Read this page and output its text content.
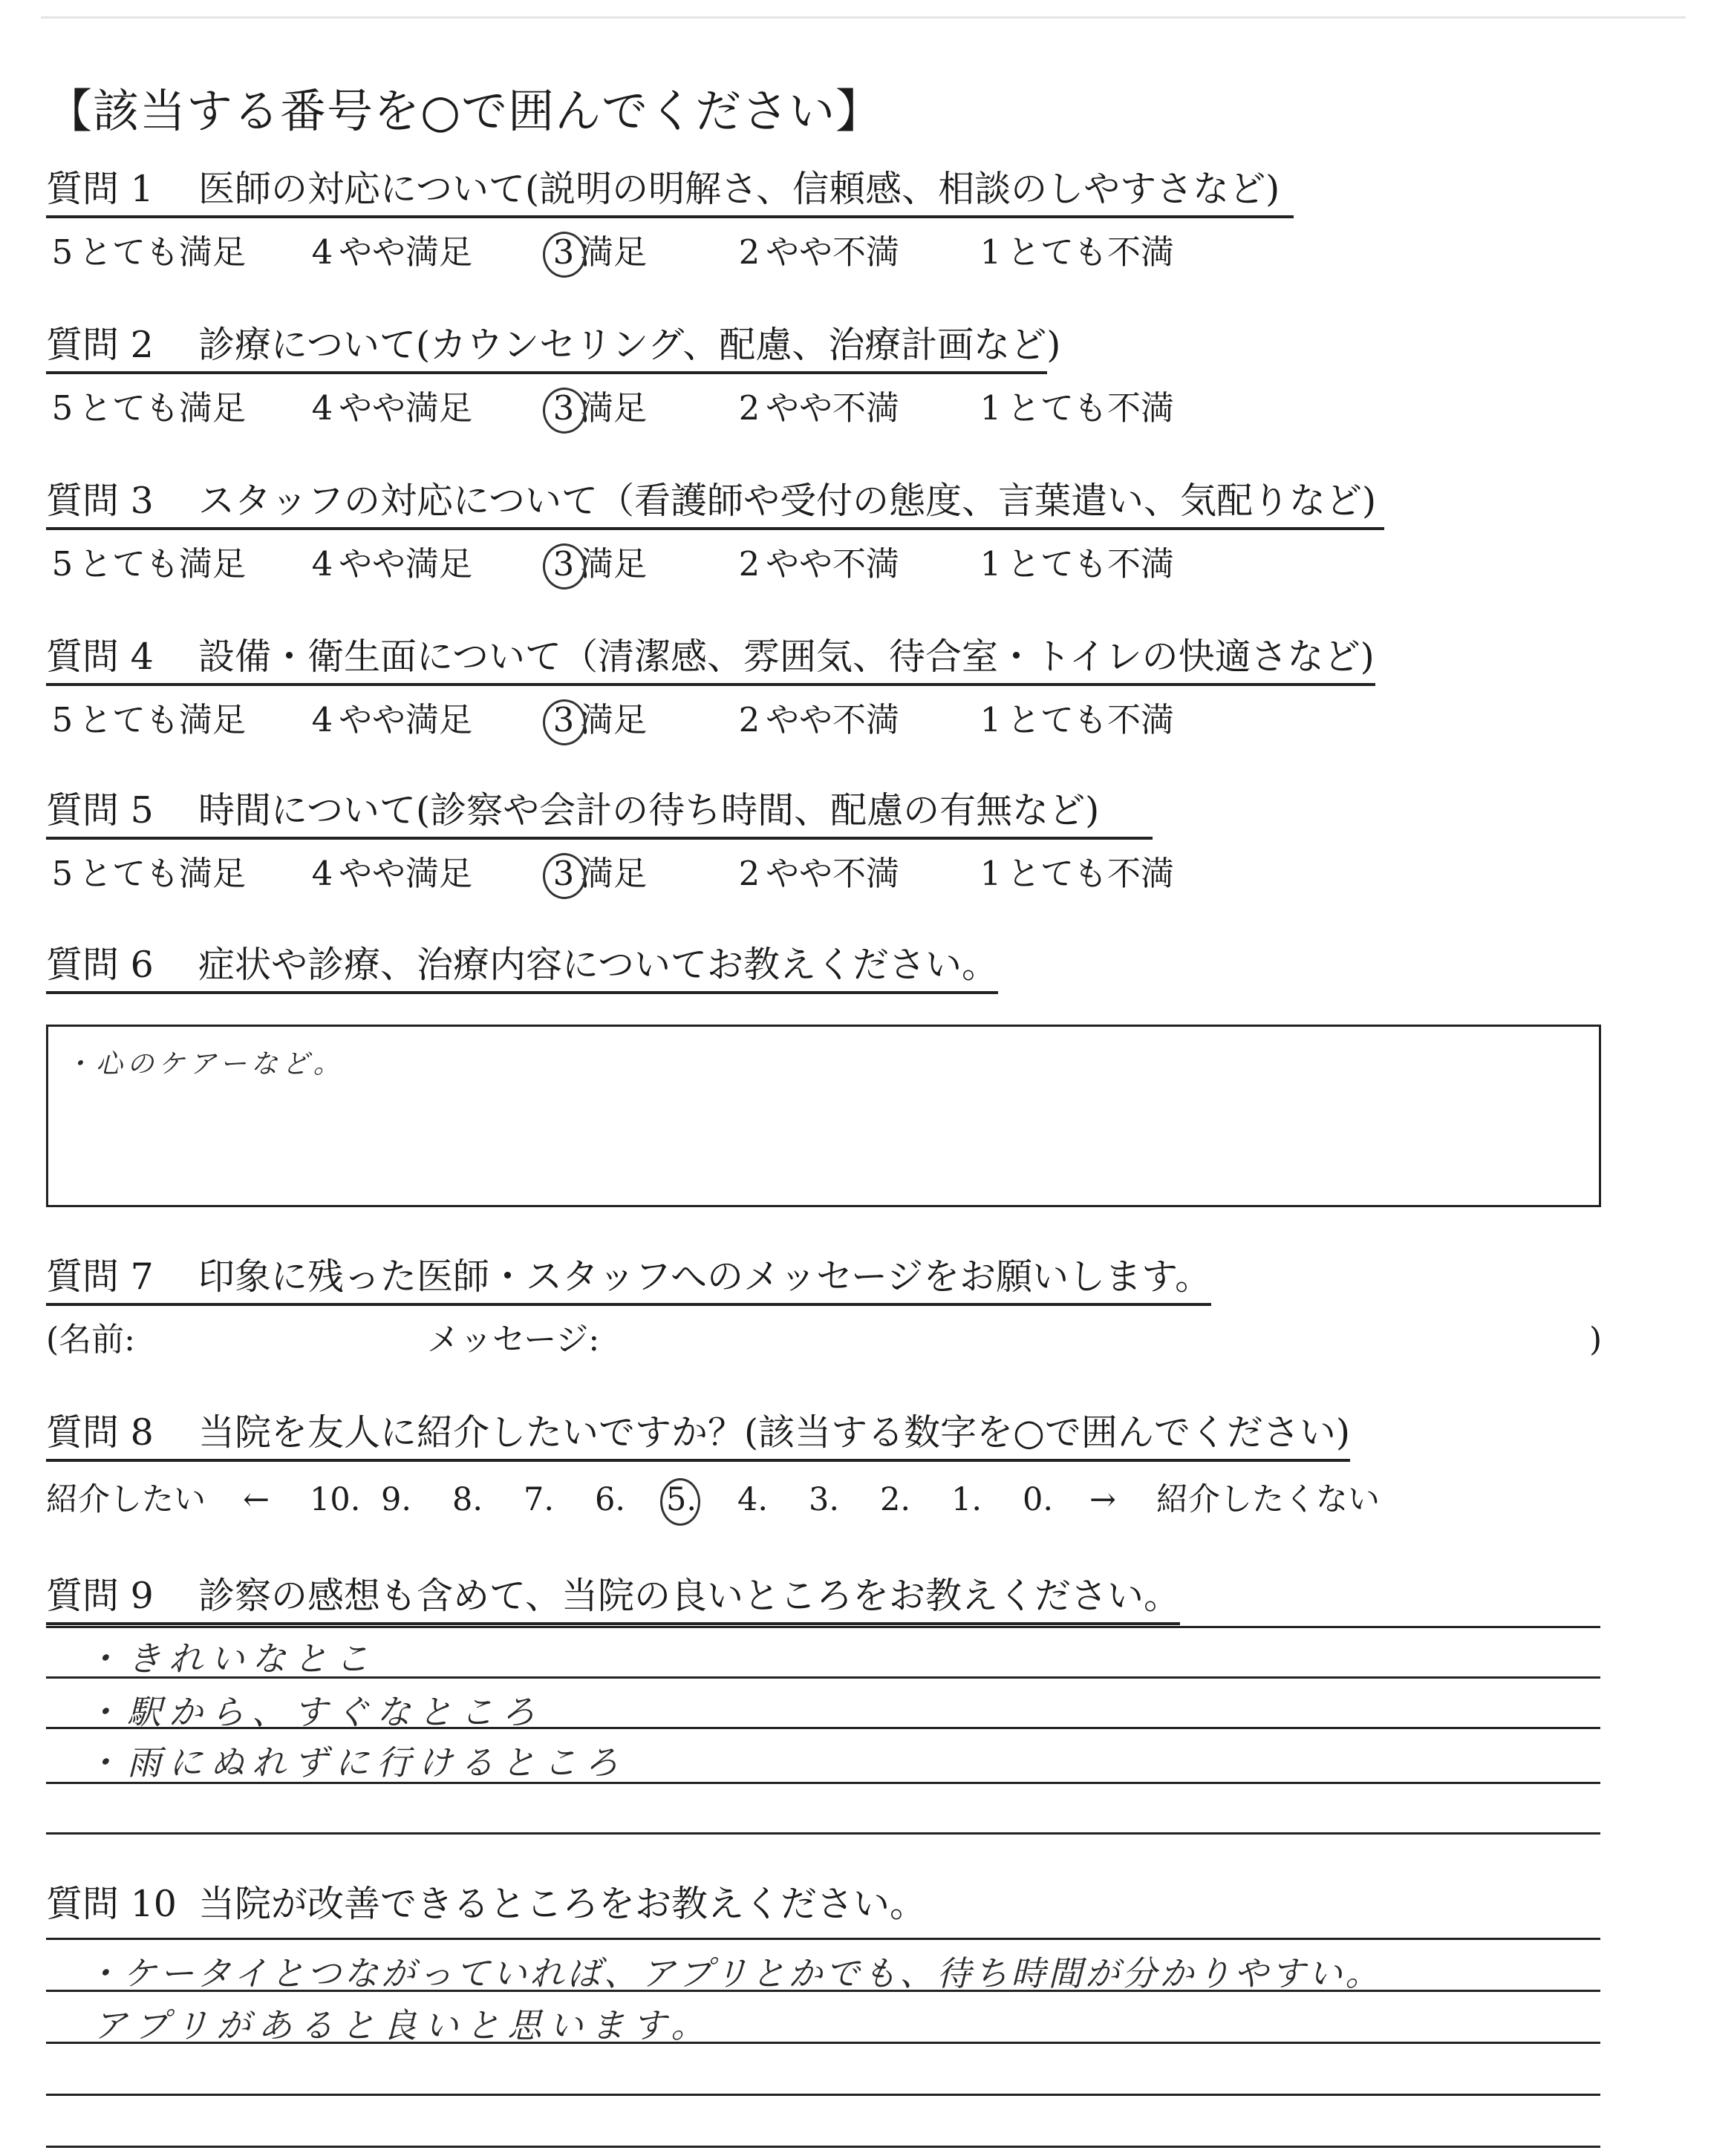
【該当する番号を○で囲んでください】
質問 1 医師の対応について(説明の明解さ、信頼感、相談のしやすさなど)
5 とても満足 4 やや満足 3 満足	2 やや不満 1 とても不満
質問 2 診療について(カウンセリング、配慮、治療計画など)
5 とても満足 4 やや満足 3 満足	2 やや不満 1 とても不満
質問 3 スタッフの対応について（看護師や受付の態度、言葉遣い、気配りなど)
5 とても満足 4 やや満足 3 満足	2 やや不満 1 とても不満
質問 4 設備・衛生面について（清潔感、雰囲気、待合室・トイレの快適さなど)
5 とても満足 4 やや満足 3 満足	2 やや不満 1 とても不満
質問 5 時間について(診察や会計の待ち時間、配慮の有無など)
5 とても満足 4 やや満足 3 満足	2 やや不満 1 とても不満
質問 6 症状や診療、治療内容についてお教えください。
・心のケアーなど。
質問 7 印象に残った医師・スタッフへのメッセージをお願いします。
(名前:	メッセージ:	)
質問 8 当院を友人に紹介したいですか？(該当する数字を○で囲んでください)
紹介したい ←	→ 紹介したくない
10. 9. 8. 7. 6. 5. 4. 3. 2. 1. 0.
質問 9 診察の感想も含めて、当院の良いところをお教えください。
・きれいなとこ
・駅から、すぐなところ
・雨にぬれずに行けるところ
質問 10 当院が改善できるところをお教えください。
・ケータイとつながっていれば、アプリとかでも、待ち時間が分かりやすい。
アプリがあると良いと思います。
